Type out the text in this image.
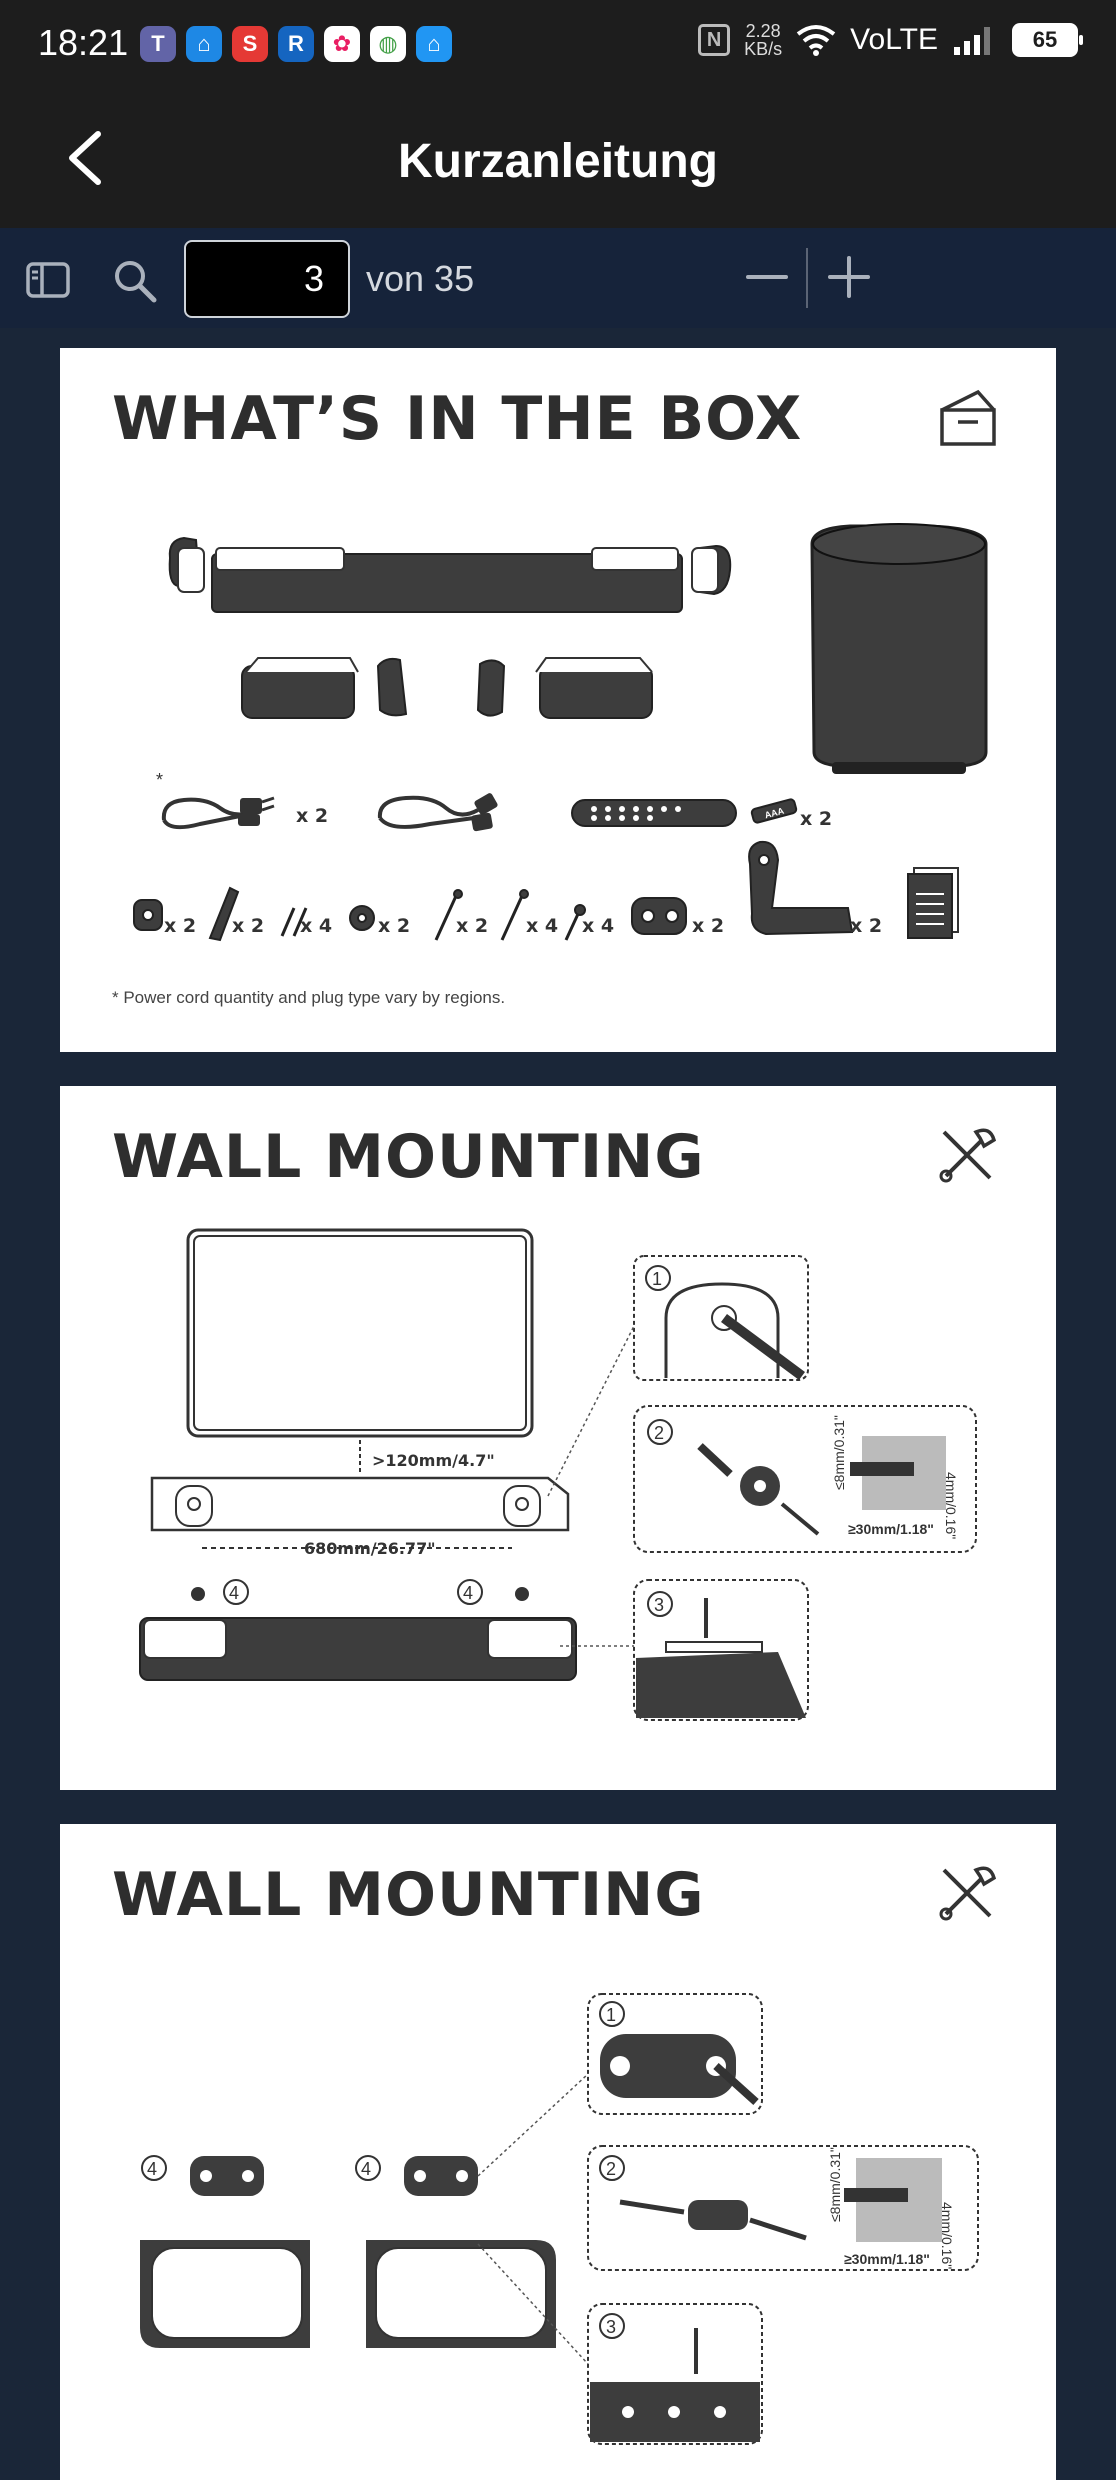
18:21	T	⌂	S	R	✿	◍	⌂	N	2.28
KB/s VoLTE	65
Kurzanleitung
3	von 35
WHAT’S IN THE BOX
*
AAA
x 2	x 2
x 2 x 2 x 4 x 2 x 2 x 4 x 4	x 2	x 2
* Power cord quantity and plug type vary by regions.
WALL MOUNTING
>120mm/4.7"
680mm/26.77"
4	4
1
2	≤8mm/0.31"
4mm/0.16"
≥30mm/1.18"
3
WALL MOUNTING
4	4
1
2	≤8mm/0.31"
4mm/0.16"
≥30mm/1.18"
3
